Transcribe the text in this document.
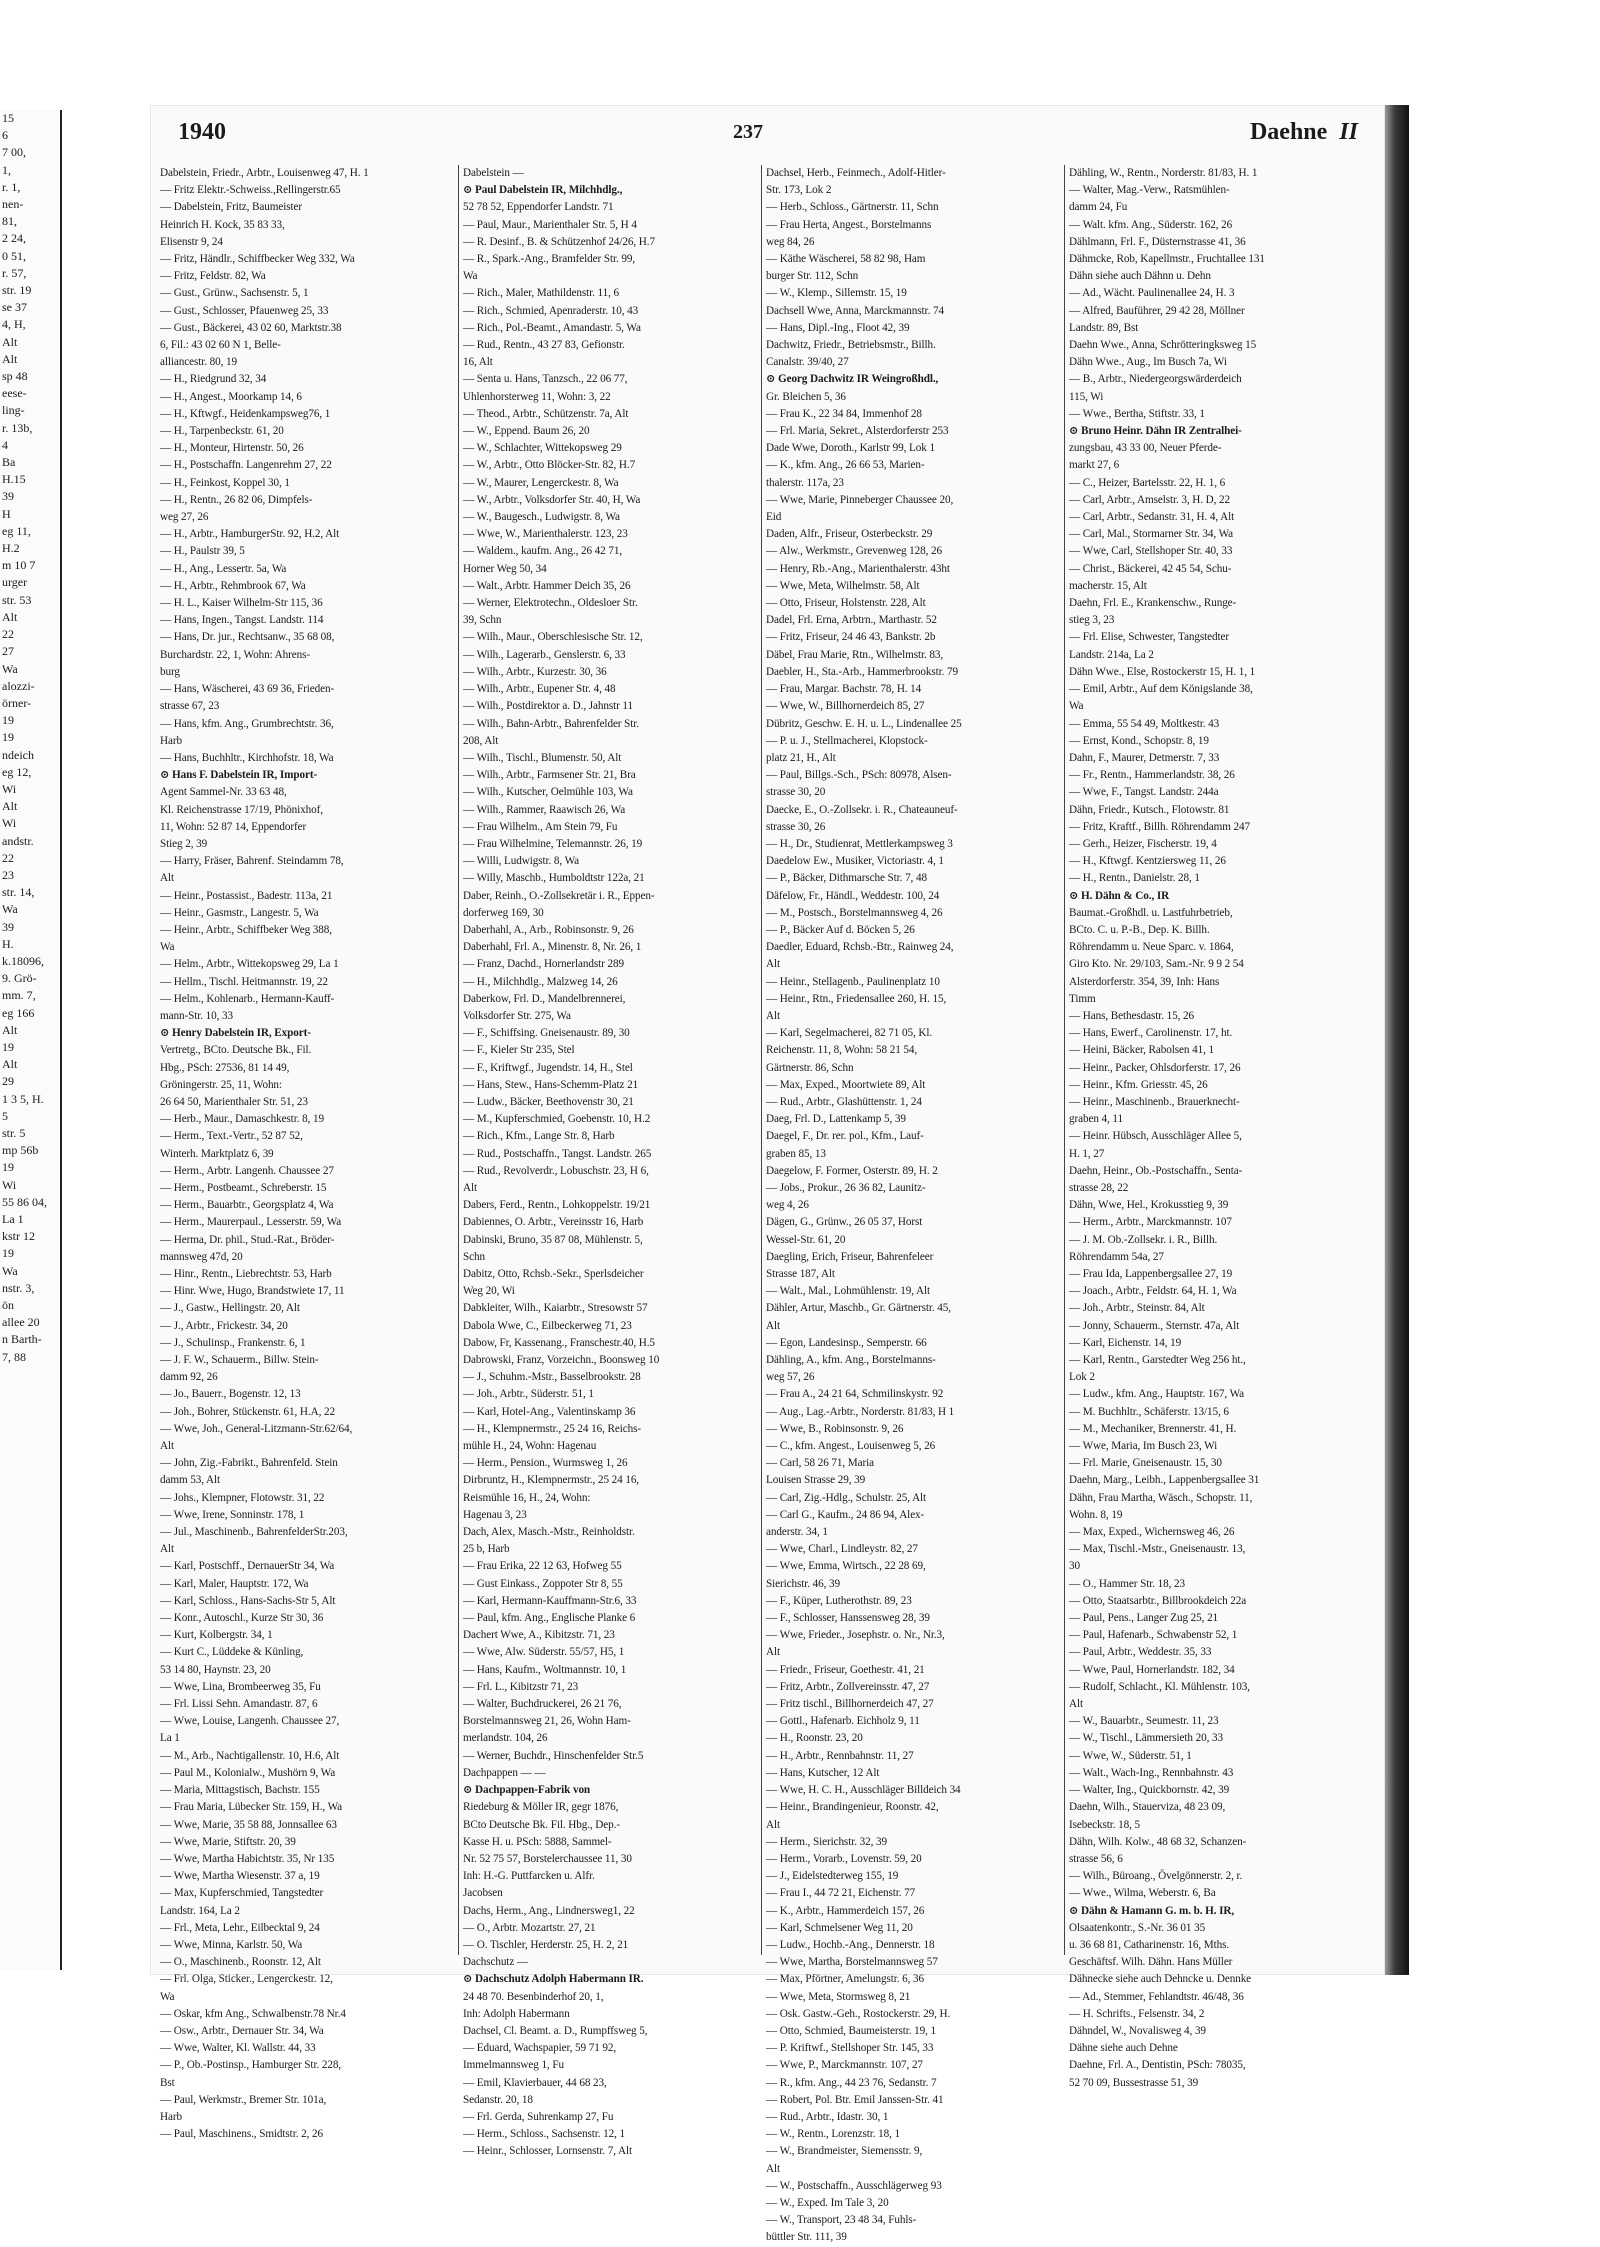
15
6
7 00,
1,
r. 1,
nen-
81,
2 24,
0 51,
r. 57,
str. 19
se 37
4, H,
Alt
Alt
sp 48
eese-
ling-
r. 13b,
4
Ba
H.15
39
H
eg 11,
H.2
m 10 7
urger
str. 53
Alt
22
27
Wa
alozzi-
örner-
19
19
ndeich
eg 12,
Wi
Alt
Wi
andstr.
22
23
str. 14,
Wa
39
H.
k.18096,
9. Grö-
mm. 7,
eg 166
Alt
19
Alt
29
1 3 5, H.
5
str. 5
mp 56b
19
Wi
55 86 04,
La 1
kstr 12
19
Wa
nstr. 3,
ön
allee 20
n Barth-
7, 88
1940	237	Daehne II
Dabelstein, Friedr., Arbtr., Louisenweg 47, H. 1
— Fritz Elektr.-Schweiss.,Rellingerstr.65
— Dabelstein, Fritz, Baumeister
Heinrich H. Kock, 35 83 33,
Elisenstr 9, 24
— Fritz, Händlr., Schiffbecker Weg 332, Wa
— Fritz, Feldstr. 82, Wa
— Gust., Grünw., Sachsenstr. 5, 1
— Gust., Schlosser, Pfauenweg 25, 33
— Gust., Bäckerei, 43 02 60, Marktstr.38
6, Fil.: 43 02 60 N 1, Belle-
alliancestr. 80, 19
— H., Riedgrund 32, 34
— H., Angest., Moorkamp 14, 6
— H., Kftwgf., Heidenkampsweg76, 1
— H., Tarpenbeckstr. 61, 20
— H., Monteur, Hirtenstr. 50, 26
— H., Postschaffn. Langenrehm 27, 22
— H., Feinkost, Koppel 30, 1
— H., Rentn., 26 82 06, Dimpfels-
weg 27, 26
— H., Arbtr., HamburgerStr. 92, H.2, Alt
— H., Paulstr 39, 5
— H., Ang., Lessertr. 5a, Wa
— H., Arbtr., Rehmbrook 67, Wa
— H. L., Kaiser Wilhelm-Str 115, 36
— Hans, Ingen., Tangst. Landstr. 114
— Hans, Dr. jur., Rechtsanw., 35 68 08,
Burchardstr. 22, 1, Wohn: Ahrens-
burg
— Hans, Wäscherei, 43 69 36, Frieden-
strasse 67, 23
— Hans, kfm. Ang., Grumbrechtstr. 36,
Harb
— Hans, Buchhltr., Kirchhofstr. 18, Wa
⊙ Hans F. Dabelstein IR, Import-
Agent Sammel-Nr. 33 63 48,
Kl. Reichenstrasse 17/19, Phönixhof,
11, Wohn: 52 87 14, Eppendorfer
Stieg 2, 39
— Harry, Fräser, Bahrenf. Steindamm 78,
Alt
— Heinr., Postassist., Badestr. 113a, 21
— Heinr., Gasmstr., Langestr. 5, Wa
— Heinr., Arbtr., Schiffbeker Weg 388,
Wa
— Helm., Arbtr., Wittekopsweg 29, La 1
— Hellm., Tischl. Heitmannstr. 19, 22
— Helm., Kohlenarb., Hermann-Kauff-
mann-Str. 10, 33
⊙ Henry Dabelstein IR, Export-
Vertretg., BCto. Deutsche Bk., Fil.
Hbg., PSch: 27536, 81 14 49,
Gröningerstr. 25, 11, Wohn:
26 64 50, Marienthaler Str. 51, 23
— Herb., Maur., Damaschkestr. 8, 19
— Herm., Text.-Vertr., 52 87 52,
Winterh. Marktplatz 6, 39
— Herm., Arbtr. Langenh. Chaussee 27
— Herm., Postbeamt., Schreberstr. 15
— Herm., Bauarbtr., Georgsplatz 4, Wa
— Herm., Maurerpaul., Lesserstr. 59, Wa
— Herma, Dr. phil., Stud.-Rat., Bröder-
mannsweg 47d, 20
— Hinr., Rentn., Liebrechtstr. 53, Harb
— Hinr. Wwe, Hugo, Brandstwiete 17, 11
— J., Gastw., Hellingstr. 20, Alt
— J., Arbtr., Frickestr. 34, 20
— J., Schulinsp., Frankenstr. 6, 1
— J. F. W., Schauerm., Billw. Stein-
damm 92, 26
— Jo., Bauerr., Bogenstr. 12, 13
— Joh., Bohrer, Stückenstr. 61, H.A, 22
— Wwe, Joh., General-Litzmann-Str.62/64,
Alt
— John, Zig.-Fabrikt., Bahrenfeld. Stein
damm 53, Alt
— Johs., Klempner, Flotowstr. 31, 22
— Wwe, Irene, Sonninstr. 178, 1
— Jul., Maschinenb., BahrenfelderStr.203,
Alt
— Karl, Postschff., DernauerStr 34, Wa
— Karl, Maler, Hauptstr. 172, Wa
— Karl, Schloss., Hans-Sachs-Str 5, Alt
— Konr., Autoschl., Kurze Str 30, 36
— Kurt, Kolbergstr. 34, 1
— Kurt C., Lüddeke & Künling,
53 14 80, Haynstr. 23, 20
— Wwe, Lina, Brombeerweg 35, Fu
— Frl. Lissi Sehn. Amandastr. 87, 6
— Wwe, Louise, Langenh. Chaussee 27,
La 1
— M., Arb., Nachtigallenstr. 10, H.6, Alt
— Paul M., Kolonialw., Mushörn 9, Wa
— Maria, Mittagstisch, Bachstr. 155
— Frau Maria, Lübecker Str. 159, H., Wa
— Wwe, Marie, 35 58 88, Jonnsallee 63
— Wwe, Marie, Stiftstr. 20, 39
— Wwe, Martha Habichtstr. 35, Nr 135
— Wwe, Martha Wiesenstr. 37 a, 19
— Max, Kupferschmied, Tangstedter
Landstr. 164, La 2
— Frl., Meta, Lehr., Eilbecktal 9, 24
— Wwe, Minna, Karlstr. 50, Wa
— O., Maschinenb., Roonstr. 12, Alt
— Frl. Olga, Sticker., Lengerckestr. 12,
Wa
— Oskar, kfm Ang., Schwalbenstr.78 Nr.4
— Osw., Arbtr., Dernauer Str. 34, Wa
— Wwe, Walter, Kl. Wallstr. 44, 33
— P., Ob.-Postinsp., Hamburger Str. 228,
Bst
— Paul, Werkmstr., Bremer Str. 101a,
Harb
— Paul, Maschinens., Smidtstr. 2, 26
Dabelstein —
⊙ Paul Dabelstein IR, Milchhdlg.,
52 78 52, Eppendorfer Landstr. 71
— Paul, Maur., Marienthaler Str. 5, H 4
— R. Desinf., B. & Schützenhof 24/26, H.7
— R., Spark.-Ang., Bramfelder Str. 99,
Wa
— Rich., Maler, Mathildenstr. 11, 6
— Rich., Schmied, Apenraderstr. 10, 43
— Rich., Pol.-Beamt., Amandastr. 5, Wa
— Rud., Rentn., 43 27 83, Gefionstr.
16, Alt
— Senta u. Hans, Tanzsch., 22 06 77,
Uhlenhorsterweg 11, Wohn: 3, 22
— Theod., Arbtr., Schützenstr. 7a, Alt
— W., Eppend. Baum 26, 20
— W., Schlachter, Wittekopsweg 29
— W., Arbtr., Otto Blöcker-Str. 82, H.7
— W., Maurer, Lengerckestr. 8, Wa
— W., Arbtr., Volksdorfer Str. 40, H, Wa
— W., Baugesch., Ludwigstr. 8, Wa
— Wwe, W., Marienthalerstr. 123, 23
— Waldem., kaufm. Ang., 26 42 71,
Horner Weg 50, 34
— Walt., Arbtr. Hammer Deich 35, 26
— Werner, Elektrotechn., Oldesloer Str.
39, Schn
— Wilh., Maur., Oberschlesische Str. 12,
— Wilh., Lagerarb., Genslerstr. 6, 33
— Wilh., Arbtr., Kurzestr. 30, 36
— Wilh., Arbtr., Eupener Str. 4, 48
— Wilh., Postdirektor a. D., Jahnstr 11
— Wilh., Bahn-Arbtr., Bahrenfelder Str.
208, Alt
— Wilh., Tischl., Blumenstr. 50, Alt
— Wilh., Arbtr., Farmsener Str. 21, Bra
— Wilh., Kutscher, Oelmühle 103, Wa
— Wilh., Rammer, Raawisch 26, Wa
— Frau Wilhelm., Am Stein 79, Fu
— Frau Wilhelmine, Telemannstr. 26, 19
— Willi, Ludwigstr. 8, Wa
— Willy, Maschb., Humboldtstr 122a, 21
Daber, Reinh., O.-Zollsekretär i. R., Eppen-
dorferweg 169, 30
Daberhahl, A., Arb., Robinsonstr. 9, 26
Daberhahl, Frl. A., Minenstr. 8, Nr. 26, 1
— Franz, Dachd., Hornerlandstr 289
— H., Milchhdlg., Malzweg 14, 26
Daberkow, Frl. D., Mandelbrennerei,
Volksdorfer Str. 275, Wa
— F., Schiffsing. Gneisenaustr. 89, 30
— F., Kieler Str 235, Stel
— F., Kriftwgf., Jugendstr. 14, H., Stel
— Hans, Stew., Hans-Schemm-Platz 21
— Ludw., Bäcker, Beethovenstr 30, 21
— M., Kupferschmied, Goebenstr. 10, H.2
— Rich., Kfm., Lange Str. 8, Harb
— Rud., Postschaffn., Tangst. Landstr. 265
— Rud., Revolverdr., Lobuschstr. 23, H 6,
Alt
Dabers, Ferd., Rentn., Lohkoppelstr. 19/21
Dabiennes, O. Arbtr., Vereinsstr 16, Harb
Dabinski, Bruno, 35 87 08, Mühlenstr. 5,
Schn
Dabitz, Otto, Rchsb.-Sekr., Sperlsdeicher
Weg 20, Wi
Dabkleiter, Wilh., Kaiarbtr., Stresowstr 57
Dabola Wwe, C., Eilbeckerweg 71, 23
Dabow, Fr, Kassenang., Franschestr.40, H.5
Dabrowski, Franz, Vorzeichn., Boonsweg 10
— J., Schuhm.-Mstr., Basselbrookstr. 28
— Joh., Arbtr., Süderstr. 51, 1
— Karl, Hotel-Ang., Valentinskamp 36
— H., Klempnermstr., 25 24 16, Reichs-
mühle H., 24, Wohn: Hagenau
— Herm., Pension., Wurmsweg 1, 26
Dirbruntz, H., Klempnermstr., 25 24 16,
Reismühle 16, H., 24, Wohn:
Hagenau 3, 23
Dach, Alex, Masch.-Mstr., Reinholdstr.
25 b, Harb
— Frau Erika, 22 12 63, Hofweg 55
— Gust Einkass., Zoppoter Str 8, 55
— Karl, Hermann-Kauffmann-Str.6, 33
— Paul, kfm. Ang., Englische Planke 6
Dachert Wwe, A., Kibitzstr. 71, 23
— Wwe, Alw. Süderstr. 55/57, H5, 1
— Hans, Kaufm., Woltmannstr. 10, 1
— Frl. L., Kibitzstr 71, 23
— Walter, Buchdruckerei, 26 21 76,
Borstelmannsweg 21, 26, Wohn Ham-
merlandstr. 104, 26
— Werner, Buchdr., Hinschenfelder Str.5
Dachpappen — —
⊙ Dachpappen-Fabrik von
Riedeburg & Möller IR, gegr 1876,
BCto Deutsche Bk. Fil. Hbg., Dep.-
Kasse H. u. PSch: 5888, Sammel-
Nr. 52 75 57, Borstelerchaussee 11, 30
Inh: H.-G. Puttfarcken u. Alfr.
Jacobsen
Dachs, Herm., Ang., Lindnersweg1, 22
— O., Arbtr. Mozartstr. 27, 21
— O. Tischler, Herderstr. 25, H. 2, 21
Dachschutz —
⊙ Dachschutz Adolph Habermann IR.
24 48 70. Besenbinderhof 20, 1,
Inh: Adolph Habermann
Dachsel, Cl. Beamt. a. D., Rumpffsweg 5,
— Eduard, Wachspapier, 59 71 92,
Immelmannsweg 1, Fu
— Emil, Klavierbauer, 44 68 23,
Sedanstr. 20, 18
— Frl. Gerda, Suhrenkamp 27, Fu
— Herm., Schloss., Sachsenstr. 12, 1
— Heinr., Schlosser, Lornsenstr. 7, Alt
Dachsel, Herb., Feinmech., Adolf-Hitler-
Str. 173, Lok 2
— Herb., Schloss., Gärtnerstr. 11, Schn
— Frau Herta, Angest., Borstelmanns
weg 84, 26
— Käthe Wäscherei, 58 82 98, Ham
burger Str. 112, Schn
— W., Klemp., Sillemstr. 15, 19
Dachsell Wwe, Anna, Marckmannstr. 74
— Hans, Dipl.-Ing., Floot 42, 39
Dachwitz, Friedr., Betriebsmstr., Billh.
Canalstr. 39/40, 27
⊙ Georg Dachwitz IR Weingroßhdl.,
Gr. Bleichen 5, 36
— Frau K., 22 34 84, Immenhof 28
— Frl. Maria, Sekret., Alsterdorferstr 253
Dade Wwe, Doroth., Karlstr 99, Lok 1
— K., kfm. Ang., 26 66 53, Marien-
thalerstr. 117a, 23
— Wwe, Marie, Pinneberger Chaussee 20,
Eid
Daden, Alfr., Friseur, Osterbeckstr. 29
— Alw., Werkmstr., Grevenweg 128, 26
— Henry, Rb.-Ang., Marienthalerstr. 43ht
— Wwe, Meta, Wilhelmstr. 58, Alt
— Otto, Friseur, Holstenstr. 228, Alt
Dadel, Frl. Erna, Arbtrn., Marthastr. 52
— Fritz, Friseur, 24 46 43, Bankstr. 2b
Däbel, Frau Marie, Rtn., Wilhelmstr. 83,
Daebler, H., Sta.-Arb., Hammerbrookstr. 79
— Frau, Margar. Bachstr. 78, H. 14
— Wwe, W., Billhornerdeich 85, 27
Dübritz, Geschw. E. H. u. L., Lindenallee 25
— P. u. J., Stellmacherei, Klopstock-
platz 21, H., Alt
— Paul, Billgs.-Sch., PSch: 80978, Alsen-
strasse 30, 20
Daecke, E., O.-Zollsekr. i. R., Chateauneuf-
strasse 30, 26
— H., Dr., Studienrat, Mettlerkampsweg 3
Daedelow Ew., Musiker, Victoriastr. 4, 1
— P., Bäcker, Dithmarsche Str. 7, 48
Däfelow, Fr., Händl., Weddestr. 100, 24
— M., Postsch., Borstelmannsweg 4, 26
— P., Bäcker Auf d. Böcken 5, 26
Daedler, Eduard, Rchsb.-Btr., Rainweg 24,
Alt
— Heinr., Stellagenb., Paulinenplatz 10
— Heinr., Rtn., Friedensallee 260, H. 15,
Alt
— Karl, Segelmacherei, 82 71 05, Kl.
Reichenstr. 11, 8, Wohn: 58 21 54,
Gärtnerstr. 86, Schn
— Max, Exped., Moortwiete 89, Alt
— Rud., Arbtr., Glashüttenstr. 1, 24
Daeg, Frl. D., Lattenkamp 5, 39
Daegel, F., Dr. rer. pol., Kfm., Lauf-
graben 85, 13
Daegelow, F. Former, Osterstr. 89, H. 2
— Jobs., Prokur., 26 36 82, Launitz-
weg 4, 26
Dägen, G., Grünw., 26 05 37, Horst
Wessel-Str. 61, 20
Daegling, Erich, Friseur, Bahrenfeleer
Strasse 187, Alt
— Walt., Mal., Lohmühlenstr. 19, Alt
Dähler, Artur, Maschb., Gr. Gärtnerstr. 45,
Alt
— Egon, Landesinsp., Semperstr. 66
Dähling, A., kfm. Ang., Borstelmanns-
weg 57, 26
— Frau A., 24 21 64, Schmilinskystr. 92
— Aug., Lag.-Arbtr., Norderstr. 81/83, H 1
— Wwe, B., Robinsonstr. 9, 26
— C., kfm. Angest., Louisenweg 5, 26
— Carl, 58 26 71, Maria
Louisen Strasse 29, 39
— Carl, Zig.-Hdlg., Schulstr. 25, Alt
— Carl G., Kaufm., 24 86 94, Alex-
anderstr. 34, 1
— Wwe, Charl., Lindleystr. 82, 27
— Wwe, Emma, Wirtsch., 22 28 69,
Sierichstr. 46, 39
— F., Küper, Lutherothstr. 89, 23
— F., Schlosser, Hanssensweg 28, 39
— Wwe, Frieder., Josephstr. o. Nr., Nr.3,
Alt
— Friedr., Friseur, Goethestr. 41, 21
— Fritz, Arbtr., Zollvereinsstr. 47, 27
— Fritz tischl., Billhornerdeich 47, 27
— Gottl., Hafenarb. Eichholz 9, 11
— H., Roonstr. 23, 20
— H., Arbtr., Rennbahnstr. 11, 27
— Hans, Kutscher, 12 Alt
— Wwe, H. C. H., Ausschläger Billdeich 34
— Heinr., Brandingenieur, Roonstr. 42,
Alt
— Herm., Sierichstr. 32, 39
— Herm., Vorarb., Lovenstr. 59, 20
— J., Eidelstedterweg 155, 19
— Frau I., 44 72 21, Eichenstr. 77
— K., Arbtr., Hammerdeich 157, 26
— Karl, Schmelsener Weg 11, 20
— Ludw., Hochb.-Ang., Dennerstr. 18
— Wwe, Martha, Borstelmannsweg 57
— Max, Pförtner, Amelungstr. 6, 36
— Wwe, Meta, Stormsweg 8, 21
— Osk. Gastw.-Geh., Rostockerstr. 29, H.
— Otto, Schmied, Baumeisterstr. 19, 1
— P. Kriftwf., Stellshoper Str. 145, 33
— Wwe, P., Marckmannstr. 107, 27
— R., kfm. Ang., 44 23 76, Sedanstr. 7
— Robert, Pol. Btr. Emil Janssen-Str. 41
— Rud., Arbtr., Idastr. 30, 1
— W., Rentn., Lorenzstr. 18, 1
— W., Brandmeister, Siemensstr. 9,
Alt
— W., Postschaffn., Ausschlägerweg 93
— W., Exped. Im Tale 3, 20
— W., Transport, 23 48 34, Fuhls-
büttler Str. 111, 39
Dähling, W., Rentn., Norderstr. 81/83, H. 1
— Walter, Mag.-Verw., Ratsmühlen-
damm 24, Fu
— Walt. kfm. Ang., Süderstr. 162, 26
Dählmann, Frl. F., Düsternstrasse 41, 36
Dähmcke, Rob, Kapellmstr., Fruchtallee 131
Dähn siehe auch Dähnn u. Dehn
— Ad., Wächt. Paulinenallee 24, H. 3
— Alfred, Bauführer, 29 42 28, Möllner
Landstr. 89, Bst
Daehn Wwe., Anna, Schrötteringksweg 15
Dähn Wwe., Aug., Im Busch 7a, Wi
— B., Arbtr., Niedergeorgswärderdeich
115, Wi
— Wwe., Bertha, Stiftstr. 33, 1
⊙ Bruno Heinr. Dähn IR Zentralhei-
zungsbau, 43 33 00, Neuer Pferde-
markt 27, 6
— C., Heizer, Bartelsstr. 22, H. 1, 6
— Carl, Arbtr., Amselstr. 3, H. D, 22
— Carl, Arbtr., Sedanstr. 31, H. 4, Alt
— Carl, Mal., Stormarner Str. 34, Wa
— Wwe, Carl, Stellshoper Str. 40, 33
— Christ., Bäckerei, 42 45 54, Schu-
macherstr. 15, Alt
Daehn, Frl. E., Krankenschw., Runge-
stieg 3, 23
— Frl. Elise, Schwester, Tangstedter
Landstr. 214a, La 2
Dähn Wwe., Else, Rostockerstr 15, H. 1, 1
— Emil, Arbtr., Auf dem Königslande 38,
Wa
— Emma, 55 54 49, Moltkestr. 43
— Ernst, Kond., Schopstr. 8, 19
Dahn, F., Maurer, Detmerstr. 7, 33
— Fr., Rentn., Hammerlandstr. 38, 26
— Wwe, F., Tangst. Landstr. 244a
Dähn, Friedr., Kutsch., Flotowstr. 81
— Fritz, Kraftf., Billh. Röhrendamm 247
— Gerh., Heizer, Fischerstr. 19, 4
— H., Kftwgf. Kentziersweg 11, 26
— H., Rentn., Danielstr. 28, 1
⊙ H. Dähn & Co., IR
Baumat.-Großhdl. u. Lastfuhrbetrieb,
BCto. C. u. P.-B., Dep. K. Billh.
Röhrendamm u. Neue Sparc. v. 1864,
Giro Kto. Nr. 29/103, Sam.-Nr. 9 9 2 54
Alsterdorferstr. 354, 39, Inh: Hans
Timm
— Hans, Bethesdastr. 15, 26
— Hans, Ewerf., Carolinenstr. 17, ht.
— Heini, Bäcker, Rabolsen 41, 1
— Heinr., Packer, Ohlsdorferstr. 17, 26
— Heinr., Kfm. Griesstr. 45, 26
— Heinr., Maschinenb., Brauerknecht-
graben 4, 11
— Heinr. Hübsch, Ausschläger Allee 5,
H. 1, 27
Daehn, Heinr., Ob.-Postschaffn., Senta-
strasse 28, 22
Dähn, Wwe, Hel., Krokusstieg 9, 39
— Herm., Arbtr., Marckmannstr. 107
— J. M. Ob.-Zollsekr. i. R., Billh.
Röhrendamm 54a, 27
— Frau Ida, Lappenbergsallee 27, 19
— Joach., Arbtr., Feldstr. 64, H. 1, Wa
— Joh., Arbtr., Steinstr. 84, Alt
— Jonny, Schauerm., Sternstr. 47a, Alt
— Karl, Eichenstr. 14, 19
— Karl, Rentn., Garstedter Weg 256 ht.,
Lok 2
— Ludw., kfm. Ang., Hauptstr. 167, Wa
— M. Buchhltr., Schäferstr. 13/15, 6
— M., Mechaniker, Brennerstr. 41, H.
— Wwe, Maria, Im Busch 23, Wi
— Frl. Marie, Gneisenaustr. 15, 30
Daehn, Marg., Leibh., Lappenbergsallee 31
Dähn, Frau Martha, Wäsch., Schopstr. 11,
Wohn. 8, 19
— Max, Exped., Wichernsweg 46, 26
— Max, Tischl.-Mstr., Gneisenaustr. 13,
30
— O., Hammer Str. 18, 23
— Otto, Staatsarbtr., Billbrookdeich 22a
— Paul, Pens., Langer Zug 25, 21
— Paul, Hafenarb., Schwabenstr 52, 1
— Paul, Arbtr., Weddestr. 35, 33
— Wwe, Paul, Hornerlandstr. 182, 34
— Rudolf, Schlacht., Kl. Mühlenstr. 103,
Alt
— W., Bauarbtr., Seumestr. 11, 23
— W., Tischl., Lämmersieth 20, 33
— Wwe, W., Süderstr. 51, 1
— Walt., Wach-Ing., Rennbahnstr. 43
— Walter, Ing., Quickbornstr. 42, 39
Daehn, Wilh., Stauerviza, 48 23 09,
Isebeckstr. 18, 5
Dähn, Wilh. Kolw., 48 68 32, Schanzen-
strasse 56, 6
— Wilh., Büroang., Övelgönnerstr. 2, r.
— Wwe., Wilma, Weberstr. 6, Ba
⊙ Dähn & Hamann G. m. b. H. IR,
Olsaatenkontr., S.-Nr. 36 01 35
u. 36 68 81, Catharinenstr. 16, Mths.
Geschäftsf. Wilh. Dähn. Hans Müller
Dähnecke siehe auch Dehncke u. Dennke
— Ad., Stemmer, Fehlandtstr. 46/48, 36
— H. Schrifts., Felsenstr. 34, 2
Dähndel, W., Novalisweg 4, 39
Dähne siehe auch Dehne
Daehne, Frl. A., Dentistin, PSch: 78035,
52 70 09, Bussestrasse 51, 39
